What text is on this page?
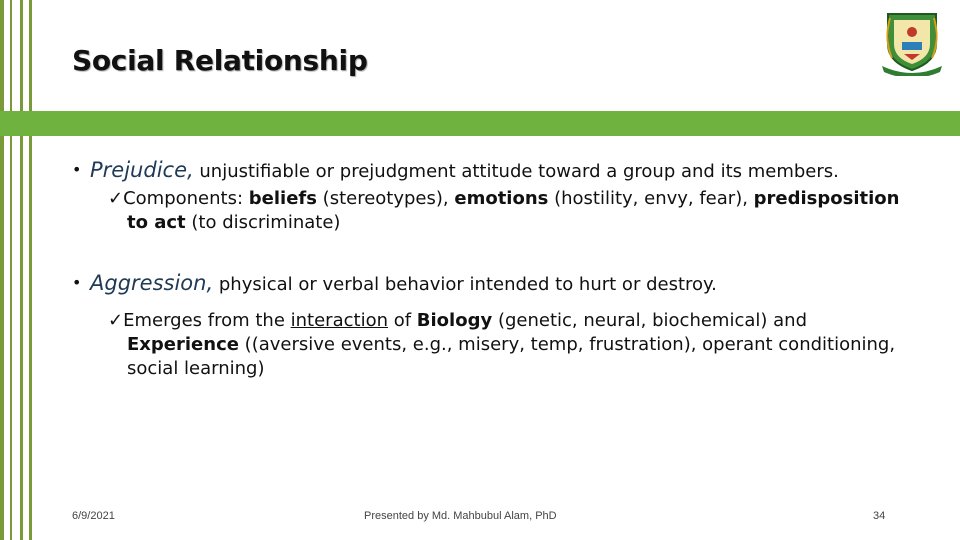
Social Relationship
• Prejudice, unjustifiable or prejudgment attitude toward a group and its members.
✓Components: beliefs (stereotypes), emotions (hostility, envy, fear), predisposition to act (to discriminate)
• Aggression, physical or verbal behavior intended to hurt or destroy.
✓Emerges from the interaction of Biology (genetic, neural, biochemical) and Experience ((aversive events, e.g., misery, temp, frustration), operant conditioning, social learning)
6/9/2021	Presented by Md. Mahbubul Alam, PhD	34
